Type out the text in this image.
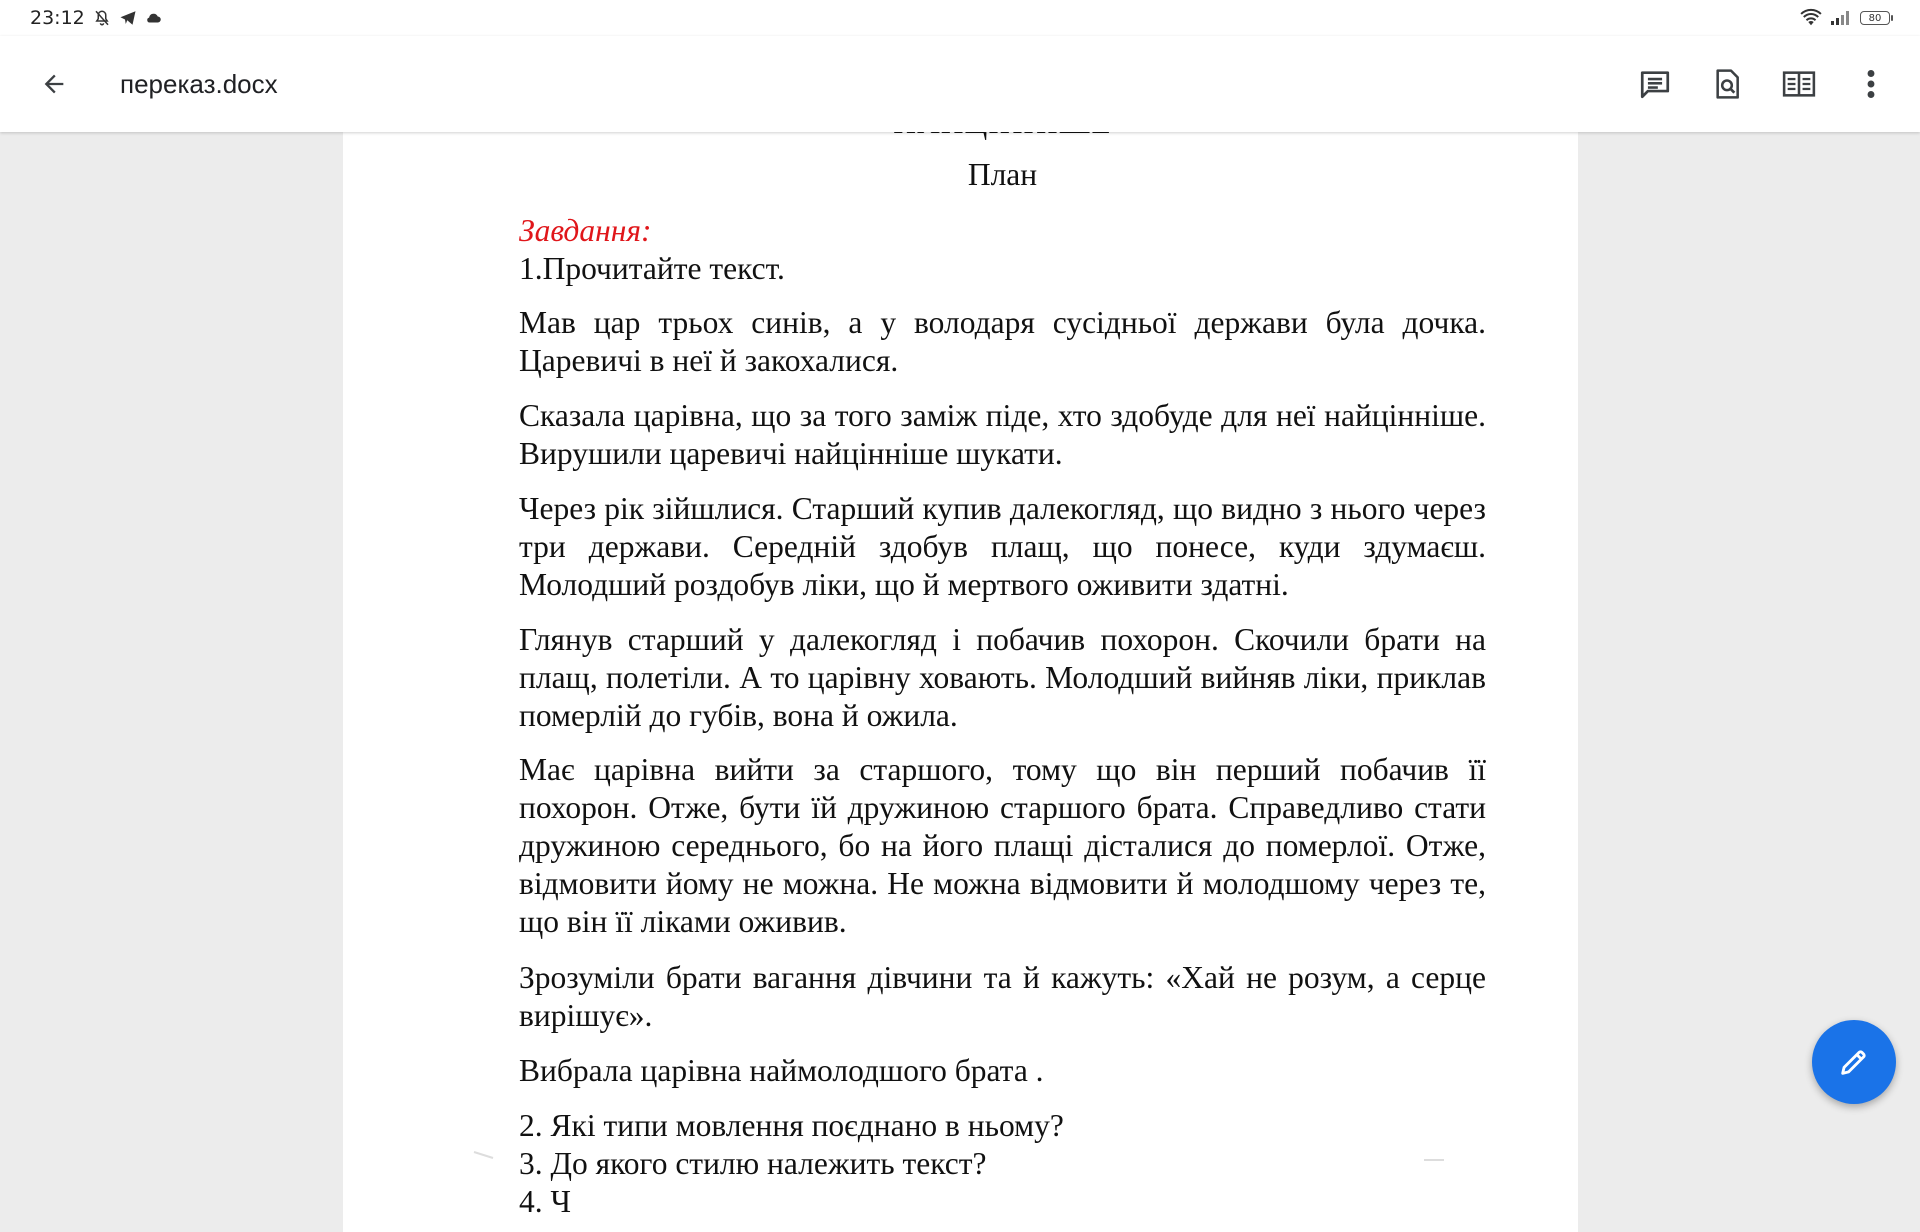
23:12	80
переказ.docx
План
Завдання:
1.Прочитайте текст.
Мав цар трьох синів, а у володаря сусідньої держави була дочка. Царевичі в неї й закохалися.
Сказала царівна, що за того заміж піде, хто здобуде для неї найцінніше. Вирушили царевичі найцінніше шукати.
Через рік зійшлися. Старший купив далекогляд, що видно з нього через три держави. Середній здобув плащ, що понесе, куди здумаєш. Молодший роздобув ліки, що й мертвого оживити здатні.
Глянув старший у далекогляд і побачив похорон. Скочили брати на плащ, полетіли. А то царівну ховають. Молодший вийняв ліки, приклав померлій до губів, вона й ожила.
Має царівна вийти за старшого, тому що він перший побачив її похорон. Отже, бути їй дружиною старшого брата. Справедливо стати дружиною середнього, бо на його плащі дісталися до померлої. Отже, відмовити йому не можна. Не можна відмовити й молодшому через те, що він її ліками оживив.
Зрозуміли брати вагання дівчини та й кажуть: «Хай не розум, а серце вирішує».
Вибрала царівна наймолодшого брата .
2. Які типи мовлення поєднано в ньому?
3. До якого стилю належить текст?
4. Ч
